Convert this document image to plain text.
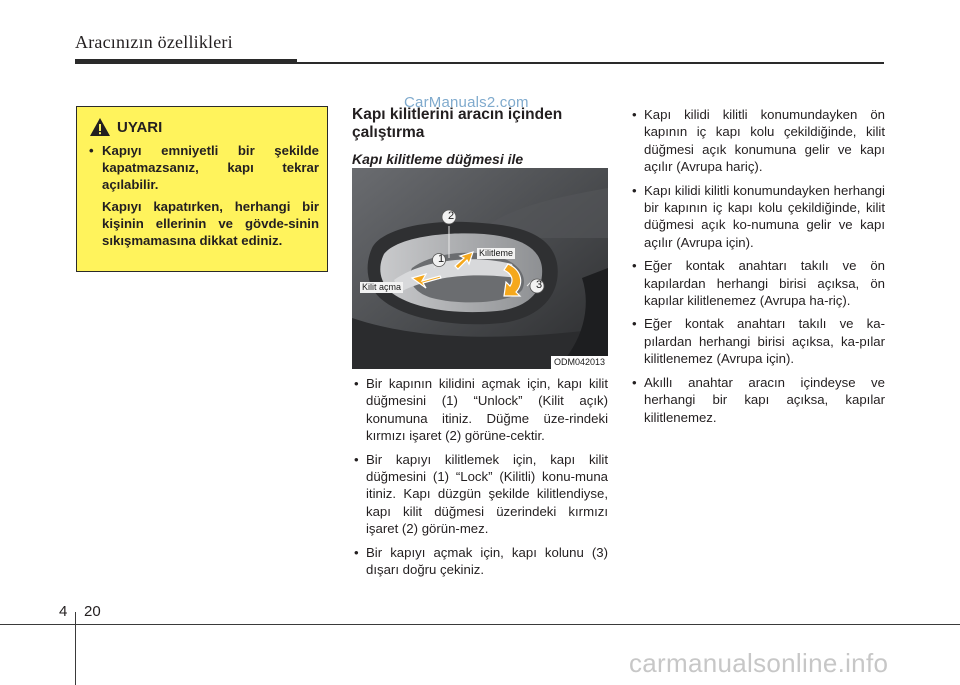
Aracınızın özellikleri
UYARI
• Kapıyı emniyetli bir şekilde kapatmazsanız, kapı tekrar açılabilir.
Kapıyı kapatırken, herhangi bir kişinin ellerinin ve gövde-sinin sıkışmamasına dikkat ediniz.
Kapı kilitlerini aracın içinden çalıştırma
Kapı kilitleme düğmesi ile
CarManuals2.com
2
1
3
Kilitleme
Kilit açma
ODM042013
• Bir kapının kilidini açmak için, kapı kilit düğmesini (1) “Unlock” (Kilit açık) konumuna itiniz. Düğme üze-rindeki kırmızı işaret (2) görüne-cektir.
• Bir kapıyı kilitlemek için, kapı kilit düğmesini (1) “Lock” (Kilitli) konu-muna itiniz. Kapı düzgün şekilde kilitlendiyse, kapı kilit düğmesi üzerindeki kırmızı işaret (2) görün-mez.
• Bir kapıyı açmak için, kapı kolunu (3) dışarı doğru çekiniz.
• Kapı kilidi kilitli konumundayken ön kapının iç kapı kolu çekildiğinde, kilit düğmesi açık konumuna gelir ve kapı açılır (Avrupa hariç).
• Kapı kilidi kilitli konumundayken herhangi bir kapının iç kapı kolu çekildiğinde, kilit düğmesi açık ko-numuna gelir ve kapı açılır (Avrupa için).
• Eğer kontak anahtarı takılı ve ön kapılardan herhangi birisi açıksa, ön kapılar kilitlenemez (Avrupa ha-riç).
• Eğer kontak anahtarı takılı ve ka-pılardan herhangi birisi açıksa, ka-pılar kilitlenemez (Avrupa için).
• Akıllı anahtar aracın içindeyse ve herhangi bir kapı açıksa, kapılar kilitlenemez.
4 20
carmanualsonline.info
